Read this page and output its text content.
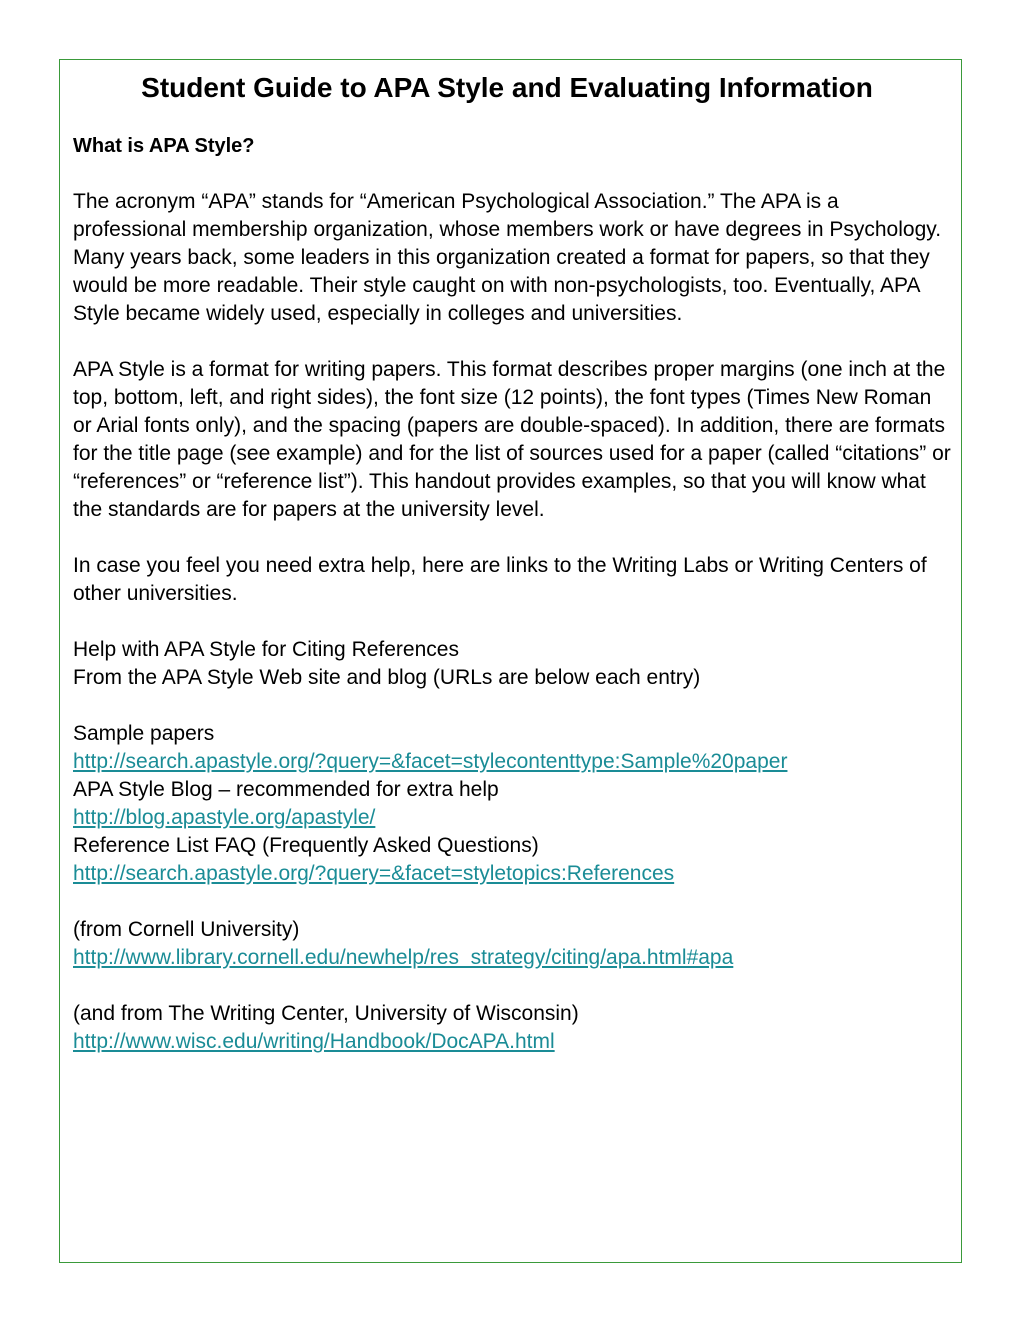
Student Guide to APA Style and Evaluating Information
What is APA Style?

The acronym “APA” stands for “American Psychological Association.” The APA is a professional membership organization, whose members work or have degrees in Psychology. Many years back, some leaders in this organization created a format for papers, so that they would be more readable. Their style caught on with non-psychologists, too. Eventually, APA Style became widely used, especially in colleges and universities.

APA Style is a format for writing papers. This format describes proper margins (one inch at the top, bottom, left, and right sides), the font size (12 points), the font types (Times New Roman or Arial fonts only), and the spacing (papers are double-spaced). In addition, there are formats for the title page (see example) and for the list of sources used for a paper (called “citations” or “references” or “reference list”). This handout provides examples, so that you will know what the standards are for papers at the university level.

In case you feel you need extra help, here are links to the Writing Labs or Writing Centers of other universities.

Help with APA Style for Citing References
From the APA Style Web site and blog (URLs are below each entry)
Sample papers
http://search.apastyle.org/?query=&facet=stylecontenttype:Sample%20paper
APA Style Blog – recommended for extra help
http://blog.apastyle.org/apastyle/
Reference List FAQ (Frequently Asked Questions)
http://search.apastyle.org/?query=&facet=styletopics:References
(from Cornell University)
http://www.library.cornell.edu/newhelp/res_strategy/citing/apa.html#apa
(and from The Writing Center, University of Wisconsin)
http://www.wisc.edu/writing/Handbook/DocAPA.html
